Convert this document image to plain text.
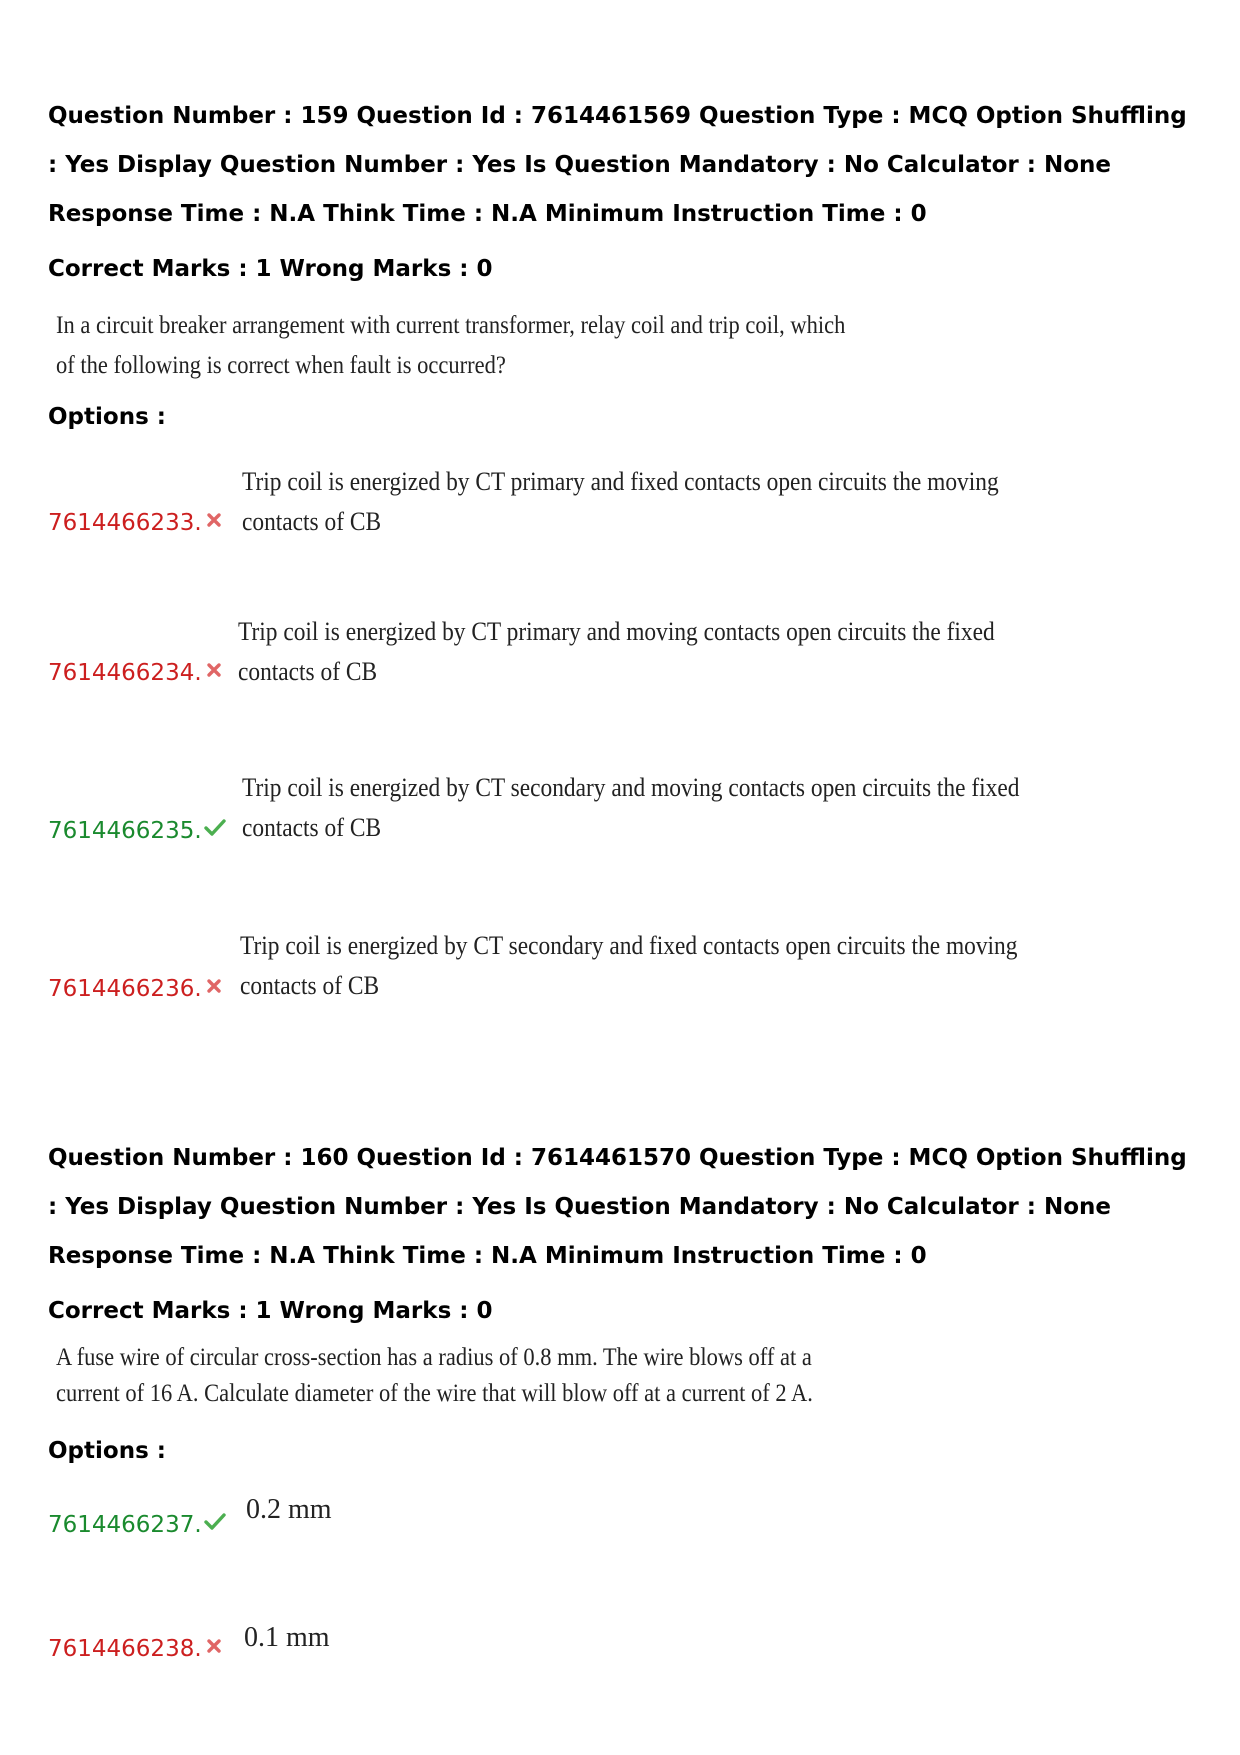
Question Number : 159 Question Id : 7614461569 Question Type : MCQ Option Shuffling : Yes Display Question Number : Yes Is Question Mandatory : No Calculator : None Response Time : N.A Think Time : N.A Minimum Instruction Time : 0
Correct Marks : 1 Wrong Marks : 0
In a circuit breaker arrangement with current transformer, relay coil and trip coil, which of the following is correct when fault is occurred?
Options :
7614466233.
Trip coil is energized by CT primary and fixed contacts open circuits the moving contacts of CB
7614466234.
Trip coil is energized by CT primary and moving contacts open circuits the fixed contacts of CB
7614466235.
Trip coil is energized by CT secondary and moving contacts open circuits the fixed contacts of CB
7614466236.
Trip coil is energized by CT secondary and fixed contacts open circuits the moving contacts of CB
Question Number : 160 Question Id : 7614461570 Question Type : MCQ Option Shuffling : Yes Display Question Number : Yes Is Question Mandatory : No Calculator : None Response Time : N.A Think Time : N.A Minimum Instruction Time : 0
Correct Marks : 1 Wrong Marks : 0
A fuse wire of circular cross-section has a radius of 0.8 mm. The wire blows off at a current of 16 A. Calculate diameter of the wire that will blow off at a current of 2 A.
Options :
7614466237. 0.2 mm
7614466238. 0.1 mm
